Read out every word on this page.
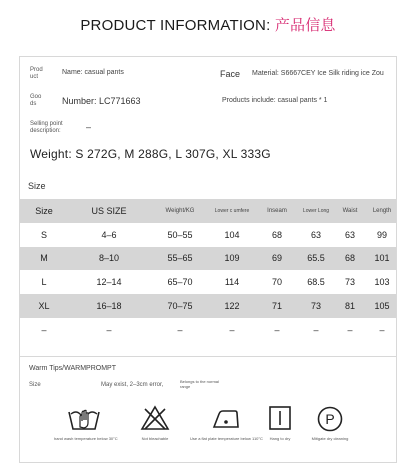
PRODUCT INFORMATION: 产品信息
Prod
uct
Name: casual pants	Face Material: S6667CEY Ice Silk riding ice Zou
Goo
ds	Number: LC771663	Products include: casual pants * 1
Selling point
description:	–
Weight: S 272G, M 288G, L 307G, XL 333G
Size
Size	US SIZE	Weight/KG	Lower c umfere	Inseam	Lower Long	Waist	Length
S	4–6	50–55	104	68	63	63	99
M	8–10	55–65	109	69	65.5	68	101
L	12–14	65–70	114	70	68.5	73	103
XL	16–18	70–75	122	71	73	81	105
–	–	–	–	–	–	–	–
Warm Tips/WARMPROMPT
Size	May exist, 2–3cm error,
Belongs to the normal
range
hand wash temperature below 30°C	Not bleachable	Use a flat plate temperature below 110°C	Hang to dry
P
Mitigate dry cleaning
